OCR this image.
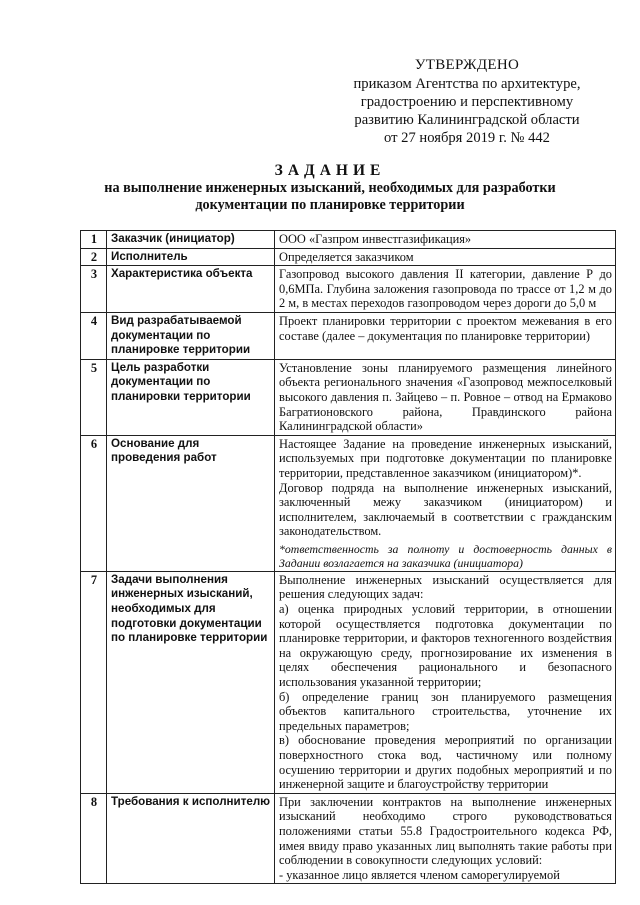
УТВЕРЖДЕНО
приказом Агентства по архитектуре,
градостроению и перспективному
развитию Калининградской области
от 27 ноября 2019 г. № 442
ЗАДАНИЕ
на выполнение инженерных изысканий, необходимых для разработки
документации по планировке территории
1	Заказчик (инициатор)	ООО «Газпром инвестгазификация»

2	Исполнитель	Определяется заказчиком

3	Характеристика объекта	Газопровод высокого давления II категории, давление Р до 0,6МПа. Глубина заложения газопровода по трассе от 1,2 м до 2 м, в местах переходов газопроводом через дороги до 5,0 м

4	Вид разрабатываемой документации по планировке территории	Проект планировки территории с проектом межевания в его составе (далее – документация по планировке территории)

5	Цель разработки документации по планировки территории	Установление зоны планируемого размещения линейного объекта регионального значения «Газопровод межпоселковый высокого давления п. Зайцево – п. Ровное – отвод на Ермаково Багратионовского района, Правдинского района Калининградской области»

6	Основание для проведения работ	Настоящее Задание на проведение инженерных изысканий, используемых при подготовке документации по планировке территории, представленное заказчиком (инициатором)*.
Договор подряда на выполнение инженерных изысканий, заключенный межу заказчиком (инициатором) и исполнителем, заключаемый в соответствии с гражданским законодательством.
*ответственность за полноту и достоверность данных в Задании возлагается на заказчика (инициатора)

7	Задачи выполнения инженерных изысканий, необходимых для подготовки документации по планировке территории	Выполнение инженерных изысканий осуществляется для решения следующих задач:
а) оценка природных условий территории, в отношении которой осуществляется подготовка документации по планировке территории, и факторов техногенного воздействия на окружающую среду, прогнозирование их изменения в целях обеспечения рационального и безопасного использования указанной территории;
б) определение границ зон планируемого размещения объектов капитального строительства, уточнение их предельных параметров;
в) обоснование проведения мероприятий по организации поверхностного стока вод, частичному или полному осушению территории и других подобных мероприятий и по инженерной защите и благоустройству территории

8	Требования к исполнителю	При заключении контрактов на выполнение инженерных изысканий необходимо строго руководствоваться положениями статьи 55.8 Градостроительного кодекса РФ, имея ввиду право указанных лиц выполнять такие работы при соблюдении в совокупности следующих условий:
- указанное лицо является членом саморегулируемой
